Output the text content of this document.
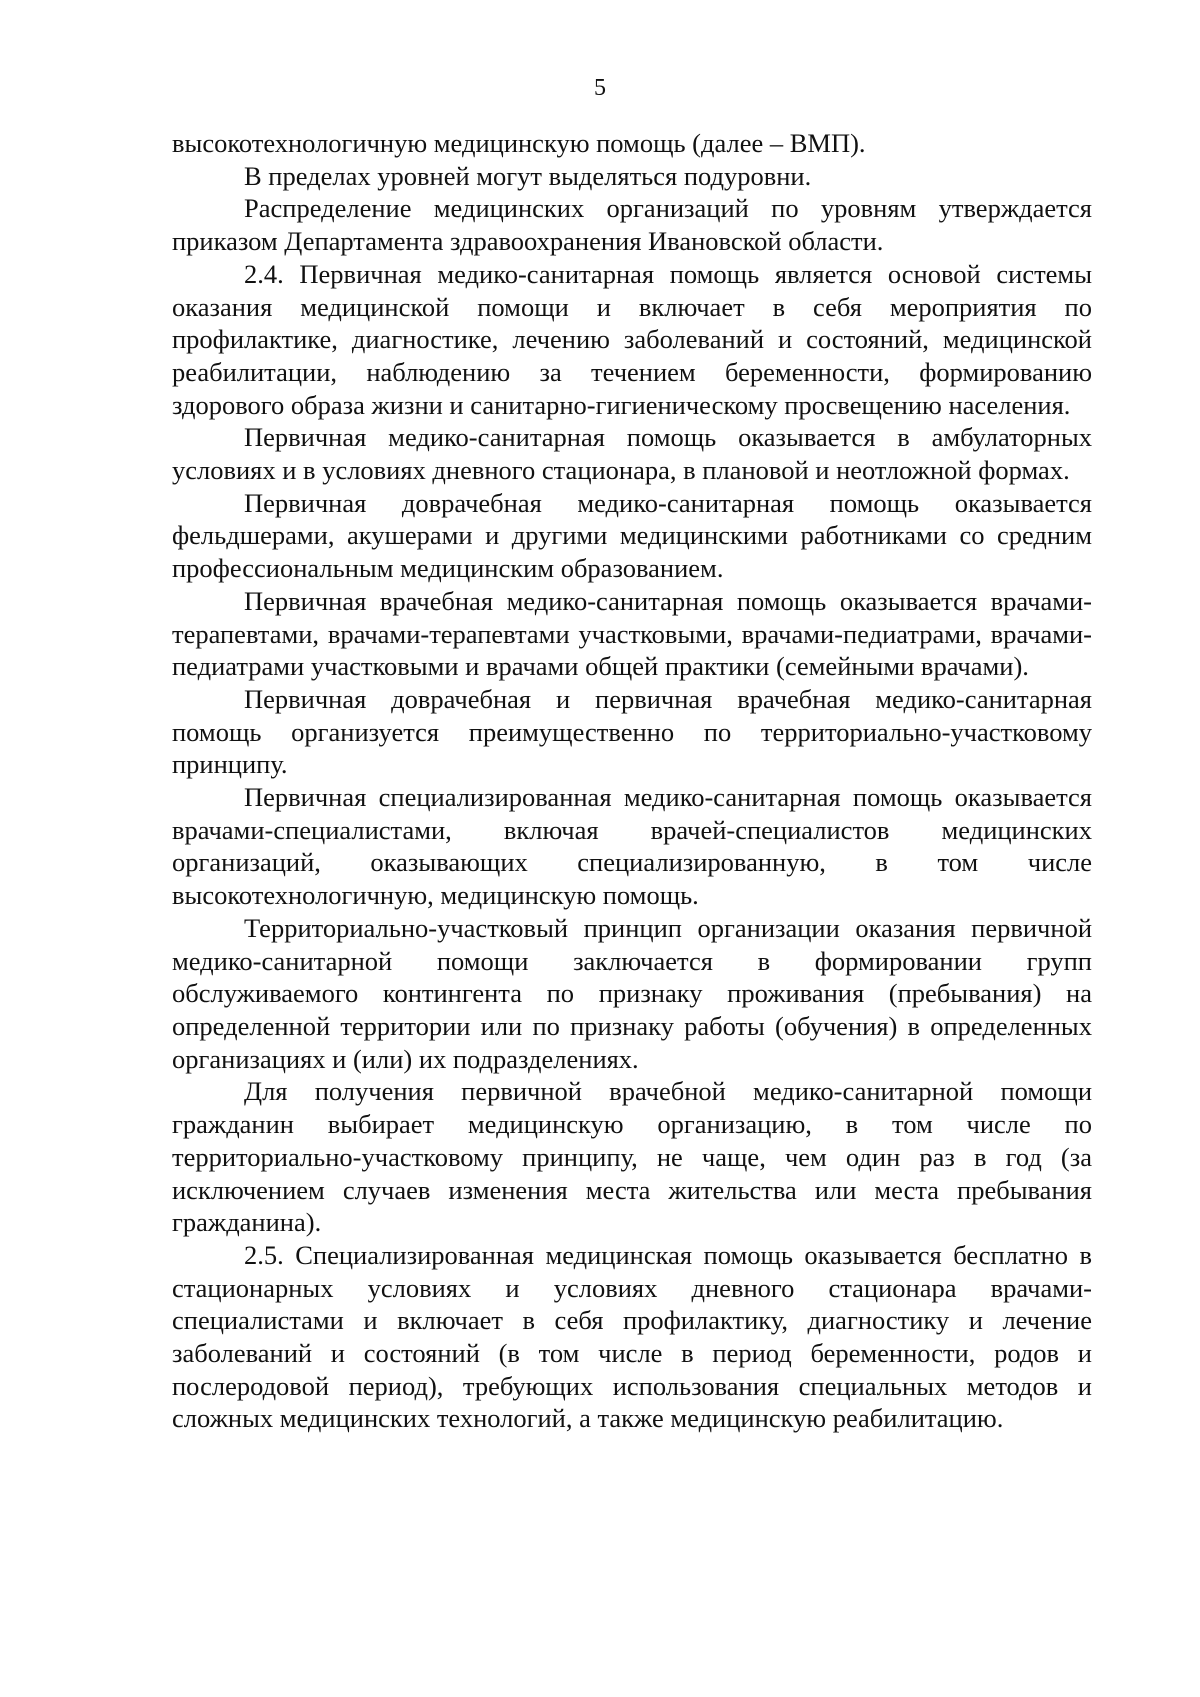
5

высокотехнологичную медицинскую помощь (далее – ВМП).

В пределах уровней могут выделяться подуровни.

Распределение медицинских организаций по уровням утверждается приказом Департамента здравоохранения Ивановской области.

2.4. Первичная медико-санитарная помощь является основой системы оказания медицинской помощи и включает в себя мероприятия по профилактике, диагностике, лечению заболеваний и состояний, медицинской реабилитации, наблюдению за течением беременности, формированию здорового образа жизни и санитарно-гигиеническому просвещению населения.

Первичная медико-санитарная помощь оказывается в амбулаторных условиях и в условиях дневного стационара, в плановой и неотложной формах.

Первичная доврачебная медико-санитарная помощь оказывается фельдшерами, акушерами и другими медицинскими работниками со средним профессиональным медицинским образованием.

Первичная врачебная медико-санитарная помощь оказывается врачами-терапевтами, врачами-терапевтами участковыми, врачами-педиатрами, врачами-педиатрами участковыми и врачами общей практики (семейными врачами).

Первичная доврачебная и первичная врачебная медико-санитарная помощь организуется преимущественно по территориально-участковому принципу.

Первичная специализированная медико-санитарная помощь оказывается врачами-специалистами, включая врачей-специалистов медицинских организаций, оказывающих специализированную, в том числе высокотехнологичную, медицинскую помощь.

Территориально-участковый принцип организации оказания первичной медико-санитарной помощи заключается в формировании групп обслуживаемого контингента по признаку проживания (пребывания) на определенной территории или по признаку работы (обучения) в определенных организациях и (или) их подразделениях.

Для получения первичной врачебной медико-санитарной помощи гражданин выбирает медицинскую организацию, в том числе по территориально-участковому принципу, не чаще, чем один раз в год (за исключением случаев изменения места жительства или места пребывания гражданина).

2.5. Специализированная медицинская помощь оказывается бесплатно в стационарных условиях и условиях дневного стационара врачами-специалистами и включает в себя профилактику, диагностику и лечение заболеваний и состояний (в том числе в период беременности, родов и послеродовой период), требующих использования специальных методов и сложных медицинских технологий, а также медицинскую реабилитацию.
